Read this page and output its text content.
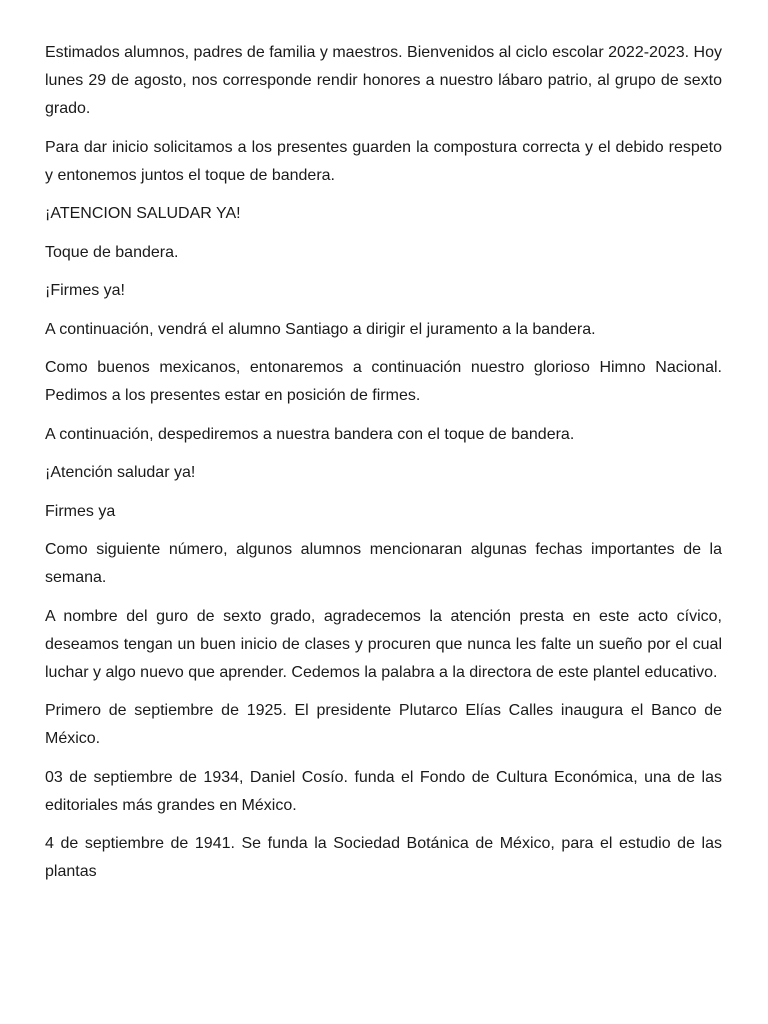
Estimados alumnos, padres de familia y maestros. Bienvenidos al ciclo escolar 2022-2023. Hoy lunes 29 de agosto, nos corresponde rendir honores a nuestro lábaro patrio, al grupo de sexto grado.

Para dar inicio solicitamos a los presentes guarden la compostura correcta y el debido respeto y entonemos juntos el toque de bandera.

¡ATENCION SALUDAR YA!

Toque de bandera.

¡Firmes ya!

A continuación, vendrá el alumno Santiago a dirigir el juramento a la bandera.

Como buenos mexicanos, entonaremos a continuación nuestro glorioso Himno Nacional. Pedimos a los presentes estar en posición de firmes.

A continuación, despediremos a nuestra bandera con el toque de bandera.

¡Atención saludar ya!

Firmes ya

Como siguiente número, algunos alumnos mencionaran algunas fechas importantes de la semana.

A nombre del guro de sexto grado, agradecemos la atención presta en este acto cívico, deseamos tengan un buen inicio de clases y procuren que nunca les falte un sueño por el cual luchar y algo nuevo que aprender. Cedemos la palabra a la directora de este plantel educativo.

Primero de septiembre de 1925. El presidente Plutarco Elías Calles inaugura el Banco de México.

03 de septiembre de 1934, Daniel Cosío. funda el Fondo de Cultura Económica, una de las editoriales más grandes en México.

4 de septiembre de 1941. Se funda la Sociedad Botánica de México, para el estudio de las plantas
